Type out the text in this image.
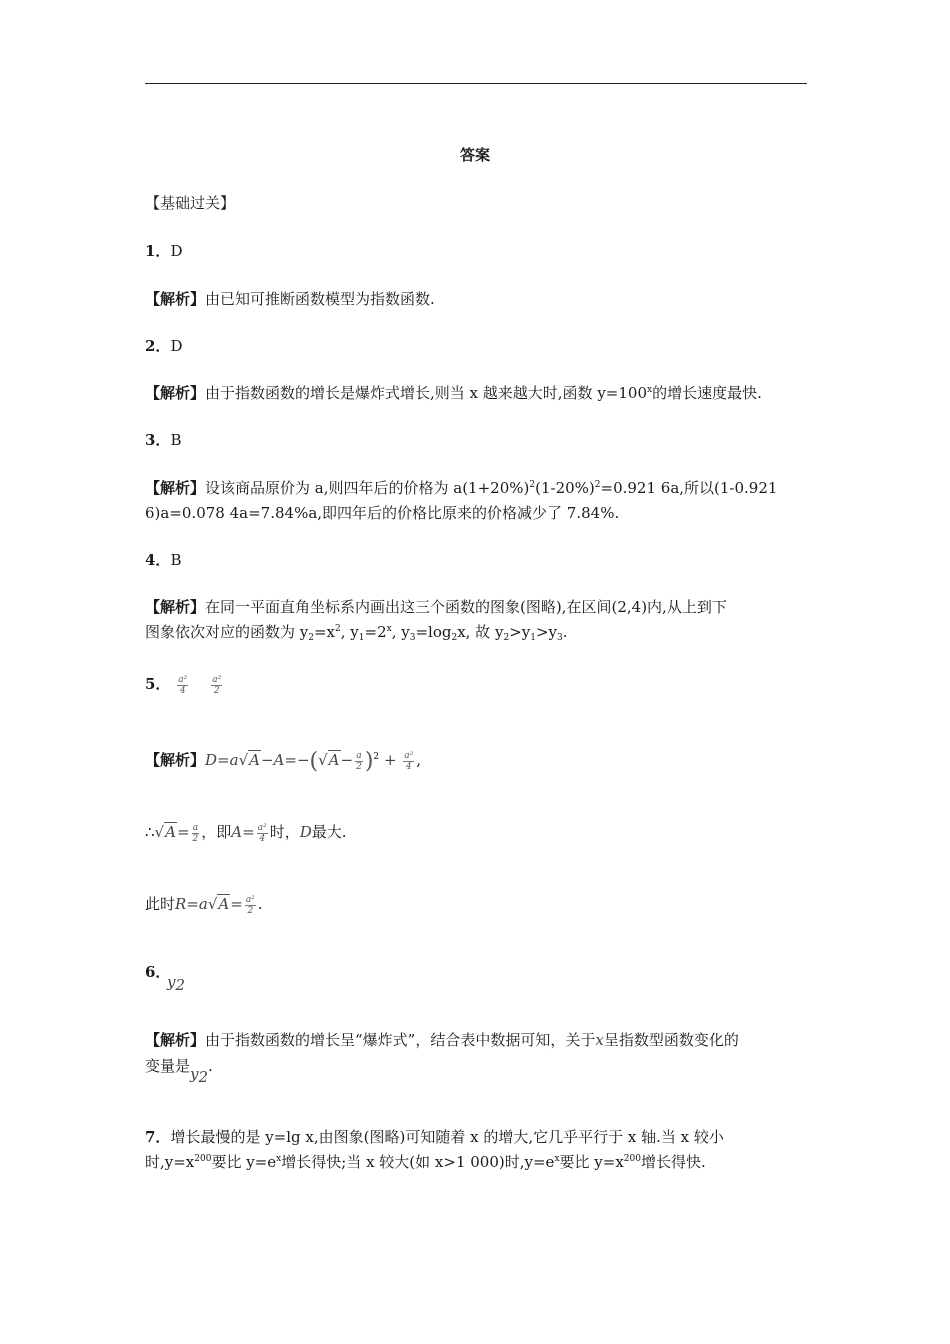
答案
【基础过关】
1．D
【解析】由已知可推断函数模型为指数函数.
2．D
【解析】由于指数函数的增长是爆炸式增长,则当 x 越来越大时,函数 $y=100^x$的增长速度最快.
3．B
【解析】设该商品原价为 a,则四年后的价格为 $a(1+20\%)^2(1-20\%)^2=0.921$ 6a,所以(1-0.921
6)a=0.078 4a=7.84%a,即四年后的价格比原来的价格减少了 7.84%.
4．B
【解析】在同一平面直角坐标系内画出这三个函数的图象(图略),在区间(2,4)内,从上到下
图象依次对应的函数为 $y_2=x^2$, $y_1=2^x$, $y_3=\log_2x$, 故 $y_2>y_1>y_3$.
5． $\frac{\text{a²}}{4}$
	$\frac{\text{a²}}{2}$
【解析】$D=a√A-A=-(√A- \frac{a}{2} )^2 + \frac{\text{a²}}{4}$ ,
∴√A= $\frac{a}{2}$ ，即$A= \frac{\text{a²}}{4}$ 时，D最大.
此时$R=a√A= \frac{\text{a²}}{2}$ .
6．
$y_2$
【解析】由于指数函数的增长呈“爆炸式”，结合表中数据可知，关于x呈指数型函数变化的
变量是$y_2$.
7．增长最慢的是 y=lg x,由图象(图略)可知随着 x 的增大,它几乎平行于 x 轴.当 x 较小
时$,y=x^{200}$要比 $y=e^x$增长得快;当 x 较大(如 x>1 000)时$,y=e^x$要比 $y=x^{200}$增长得快.
